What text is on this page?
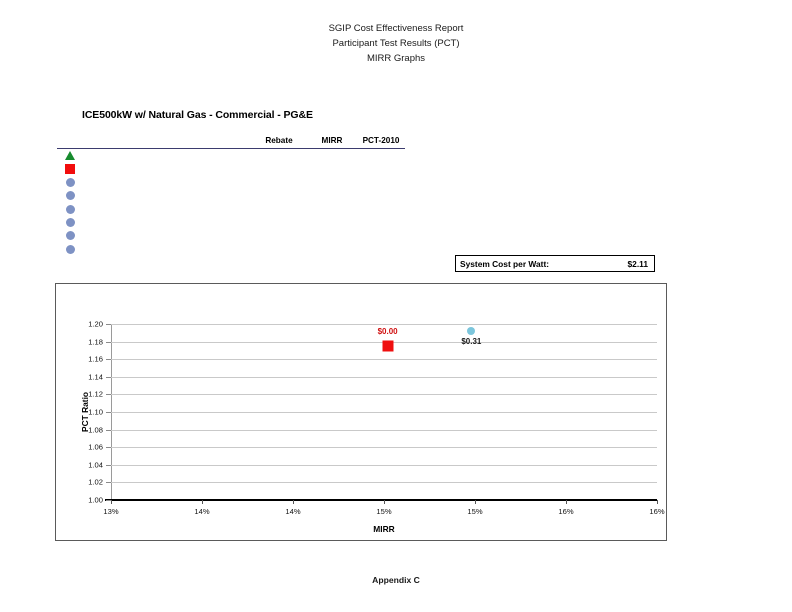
SGIP Cost Effectiveness Report
Participant Test Results (PCT)
MIRR Graphs
ICE500kW w/ Natural Gas - Commercial - PG&E
		Rebate	MIRR	PCT-2010

System Cost per Watt:	$2.11
1.00
1.02
1.04
1.06
1.08
1.10
1.12
1.14
1.16
1.18
1.20
13%	14%	14%	15%	15%	16%	16%
$0.00
$0.31
PCT Ratio
MIRR
Appendix C
